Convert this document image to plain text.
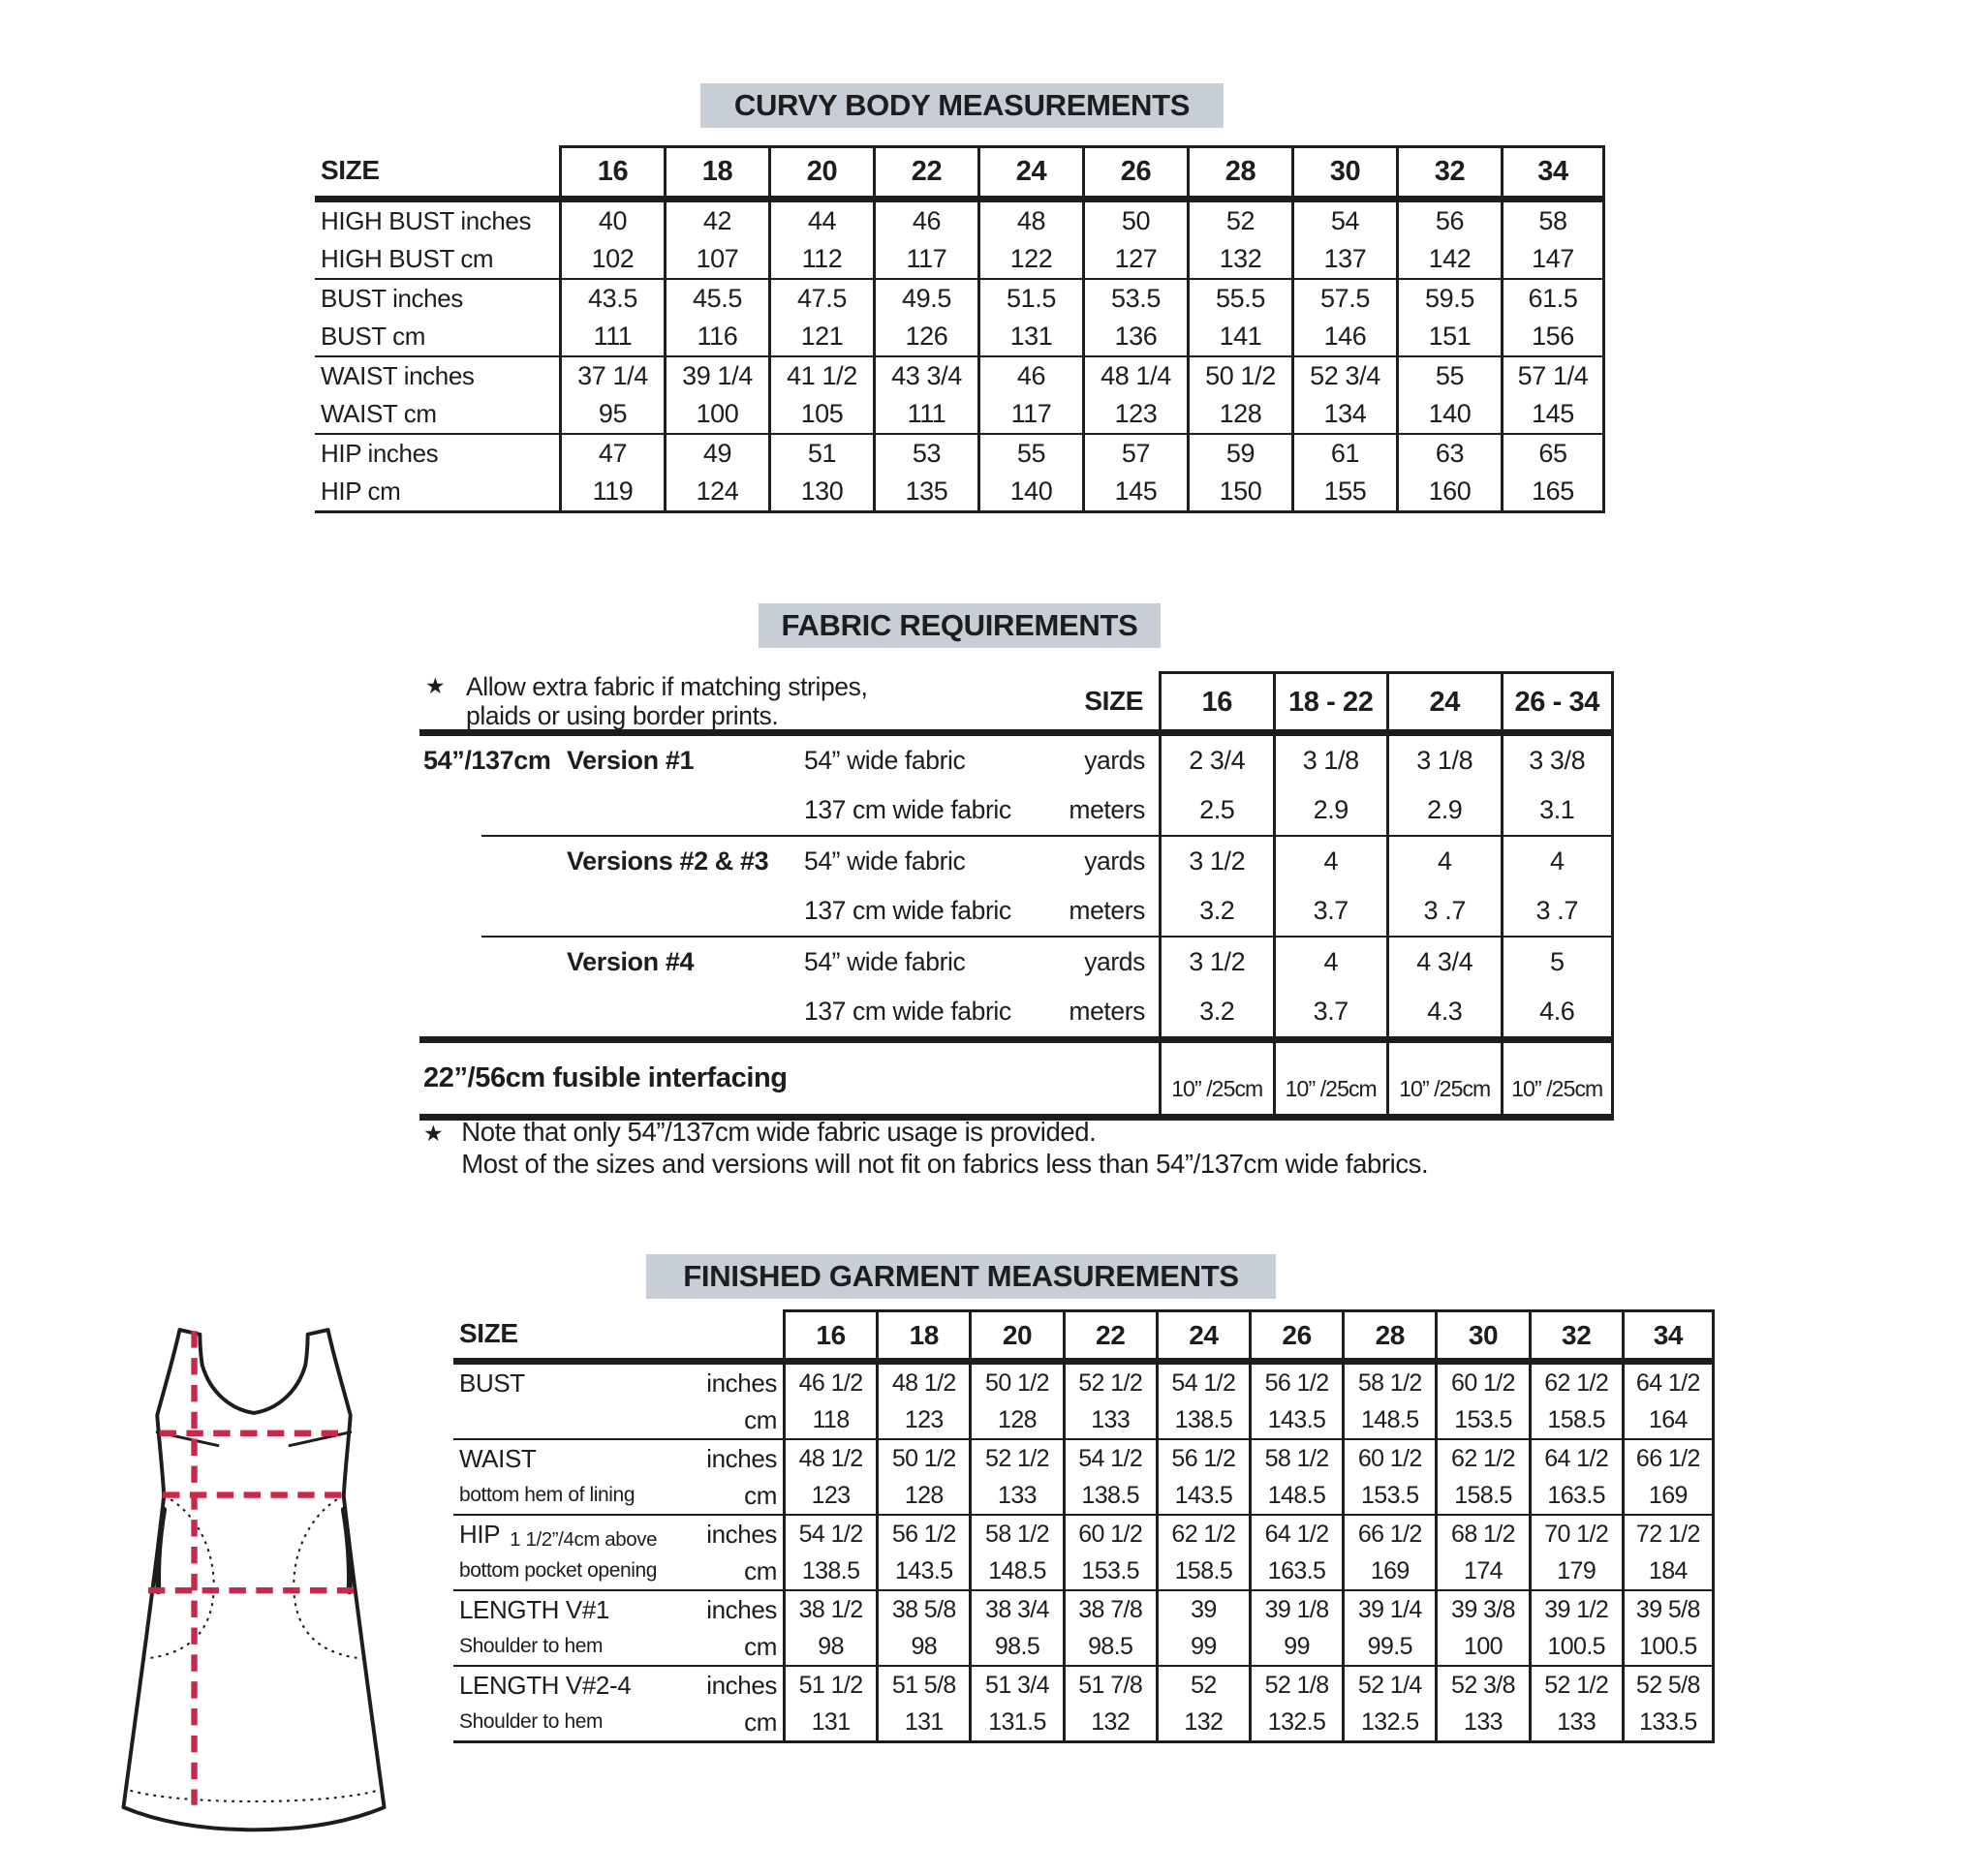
CURVY BODY MEASUREMENTS
SIZE	16	18	20	22	24	26	28	30	32	34
HIGH BUST inches	40	42	44	46	48	50	52	54	56	58
HIGH BUST cm	102	107	112	117	122	127	132	137	142	147
BUST inches	43.5	45.5	47.5	49.5	51.5	53.5	55.5	57.5	59.5	61.5
BUST cm	111	116	121	126	131	136	141	146	151	156
WAIST inches	37 1/4	39 1/4	41 1/2	43 3/4	46	48 1/4	50 1/2	52 3/4	55	57 1/4
WAIST cm	95	100	105	111	117	123	128	134	140	145
HIP inches	47	49	51	53	55	57	59	61	63	65
HIP cm	119	124	130	135	140	145	150	155	160	165
FABRIC REQUIREMENTS
★ Allow extra fabric if matching stripes,
plaids or using border prints.
SIZE	16	18 - 22	24	26 - 34
54”/137cm Version #1	54” wide fabric	yards	2 3/4	3 1/8	3 1/8	3 3/8
137 cm wide fabric	meters	2.5	2.9	2.9	3.1
Versions #2 & #3	54” wide fabric	yards	3 1/2	4	4	4
137 cm wide fabric	meters	3.2	3.7	3 .7	3 .7
Version #4	54” wide fabric	yards	3 1/2	4	4 3/4	5
137 cm wide fabric	meters	3.2	3.7	4.3	4.6
22”/56cm fusible interfacing	10” /25cm	10” /25cm	10” /25cm 10” /25cm
★ Note that only 54”/137cm wide fabric usage is provided.
Most of the sizes and versions will not fit on fabrics less than 54”/137cm wide fabrics.
FINISHED GARMENT MEASUREMENTS
SIZE	16	18	20	22	24	26	28	30	32	34
BUST	inches 46 1/2	48 1/2	50 1/2	52 1/2	54 1/2	56 1/2	58 1/2	60 1/2	62 1/2	64 1/2
cm	118	123	128	133	138.5	143.5	148.5	153.5	158.5	164
WAIST	inches 48 1/2	50 1/2	52 1/2	54 1/2	56 1/2	58 1/2	60 1/2	62 1/2	64 1/2	66 1/2
bottom hem of lining	cm	123	128	133	138.5	143.5	148.5	153.5	158.5	163.5	169
HIP 1 1/2”/4cm above inches 54 1/2	56 1/2	58 1/2	60 1/2	62 1/2	64 1/2	66 1/2	68 1/2	70 1/2	72 1/2
bottom pocket opening	cm	138.5	143.5	148.5	153.5	158.5	163.5	169	174	179	184
LENGTH V#1	inches 38 1/2	38 5/8	38 3/4	38 7/8	39	39 1/8	39 1/4	39 3/8	39 1/2	39 5/8
Shoulder to hem	cm	98	98	98.5	98.5	99	99	99.5	100	100.5	100.5
LENGTH V#2-4	inches 51 1/2	51 5/8	51 3/4	51 7/8	52	52 1/8	52 1/4	52 3/8	52 1/2	52 5/8
Shoulder to hem	cm	131	131	131.5	132	132	132.5	132.5	133	133	133.5
